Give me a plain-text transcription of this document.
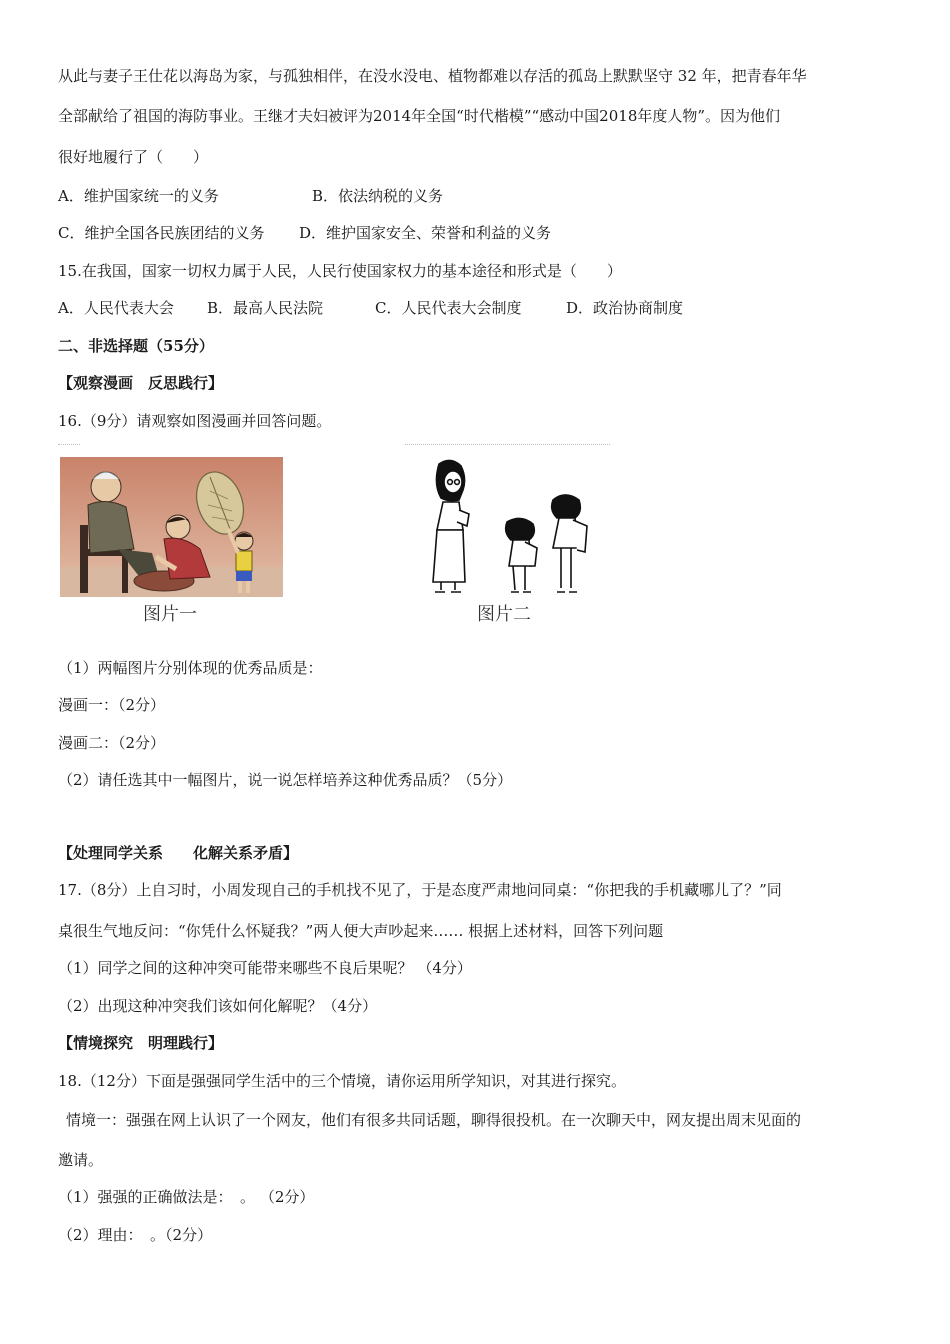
从此与妻子王仕花以海岛为家，与孤独相伴，在没水没电、植物都难以存活的孤岛上默默坚守 32 年，把青春年华
全部献给了祖国的海防事业。王继才夫妇被评为2014年全国“时代楷模”“感动中国2018年度人物”。因为他们
很好地履行了（　　）
A．维护国家统一的义务	B．依法纳税的义务
C．维护全国各民族团结的义务 D．维护国家安全、荣誉和利益的义务
15.在我国，国家一切权力属于人民，人民行使国家权力的基本途径和形式是（　　）
A．人民代表大会 B．最高人民法院	C．人民代表大会制度	D．政治协商制度
二、非选择题（55分）
【观察漫画　反思践行】
16.（9分）请观察如图漫画并回答问题。
图片一	图片二
（1）两幅图片分别体现的优秀品质是：
漫画一：（2分）
漫画二：（2分）
（2）请任选其中一幅图片，说一说怎样培养这种优秀品质？（5分）
【处理同学关系　　化解关系矛盾】
17.（8分）上自习时，小周发现自己的手机找不见了，于是态度严肃地问同桌：“你把我的手机藏哪儿了？”同
桌很生气地反问：“你凭什么怀疑我？”两人便大声吵起来…… 根据上述材料，回答下列问题
（1）同学之间的这种冲突可能带来哪些不良后果呢？ （4分）
（2）出现这种冲突我们该如何化解呢？（4分）
【情境探究　明理践行】
18.（12分）下面是强强同学生活中的三个情境，请你运用所学知识，对其进行探究。
情境一：强强在网上认识了一个网友，他们有很多共同话题，聊得很投机。在一次聊天中，网友提出周末见面的
邀请。
（1）强强的正确做法是：　。 （2分）
（2）理由：　。（2分）
